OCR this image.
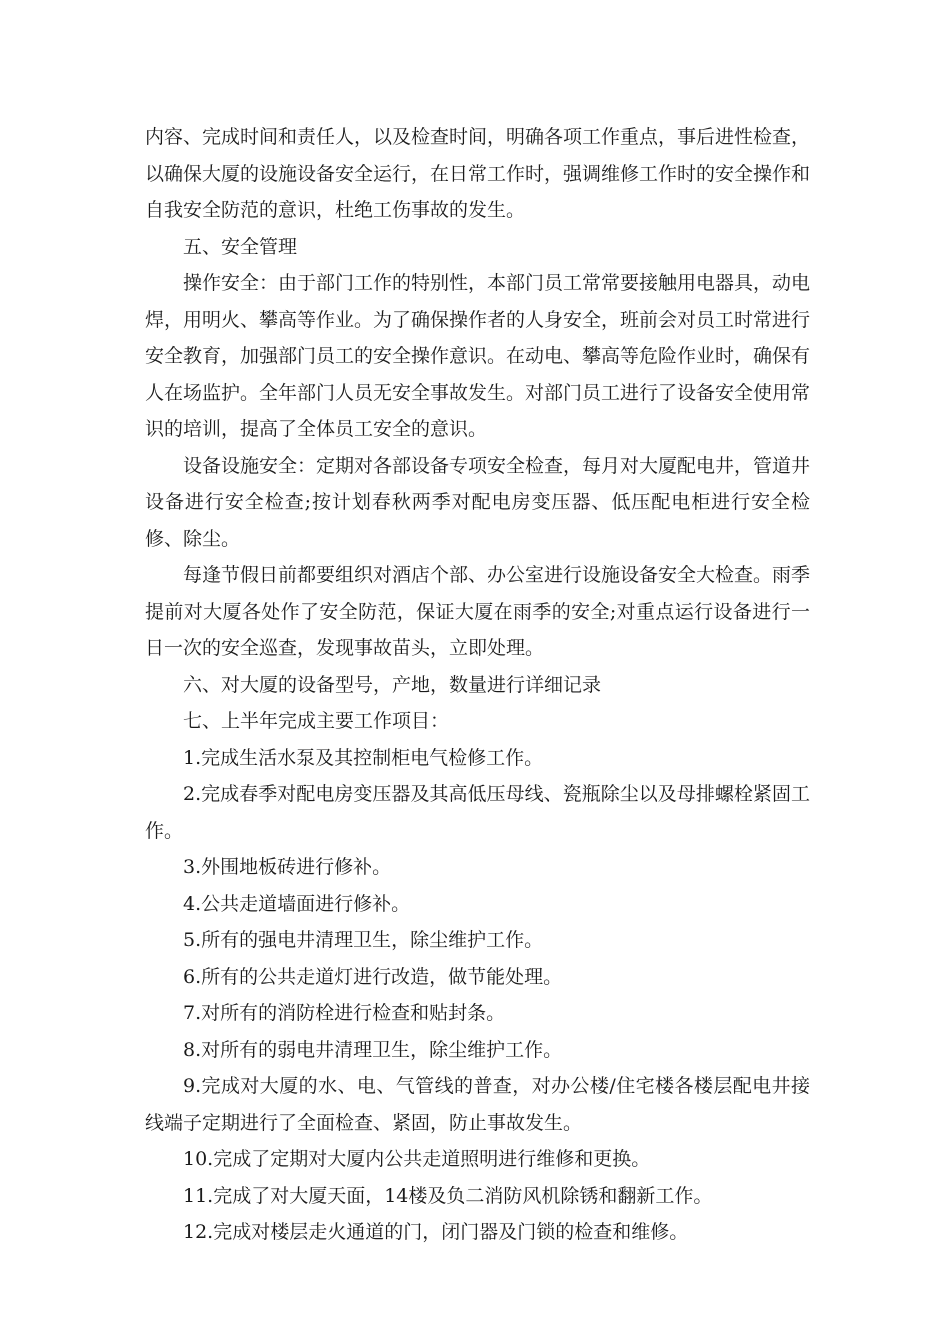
内容、完成时间和责任人，以及检查时间，明确各项工作重点，事后进性检查，以确保大厦的设施设备安全运行，在日常工作时，强调维修工作时的安全操作和自我安全防范的意识，杜绝工伤事故的发生。

五、安全管理

操作安全：由于部门工作的特别性，本部门员工常常要接触用电器具，动电焊，用明火、攀高等作业。为了确保操作者的人身安全，班前会对员工时常进行安全教育，加强部门员工的安全操作意识。在动电、攀高等危险作业时，确保有人在场监护。全年部门人员无安全事故发生。对部门员工进行了设备安全使用常识的培训，提高了全体员工安全的意识。

设备设施安全：定期对各部设备专项安全检查，每月对大厦配电井，管道井设备进行安全检查;按计划春秋两季对配电房变压器、低压配电柜进行安全检修、除尘。

每逢节假日前都要组织对酒店个部、办公室进行设施设备安全大检查。雨季提前对大厦各处作了安全防范，保证大厦在雨季的安全;对重点运行设备进行一日一次的安全巡查，发现事故苗头，立即处理。

六、对大厦的设备型号，产地，数量进行详细记录

七、上半年完成主要工作项目：

1.完成生活水泵及其控制柜电气检修工作。

2.完成春季对配电房变压器及其高低压母线、瓷瓶除尘以及母排螺栓紧固工作。

3.外围地板砖进行修补。

4.公共走道墙面进行修补。

5.所有的强电井清理卫生，除尘维护工作。

6.所有的公共走道灯进行改造，做节能处理。

7.对所有的消防栓进行检查和贴封条。

8.对所有的弱电井清理卫生，除尘维护工作。

9.完成对大厦的水、电、气管线的普查，对办公楼/住宅楼各楼层配电井接线端子定期进行了全面检查、紧固，防止事故发生。

10.完成了定期对大厦内公共走道照明进行维修和更换。

11.完成了对大厦天面，14楼及负二消防风机除锈和翻新工作。

12.完成对楼层走火通道的门，闭门器及门锁的检查和维修。
